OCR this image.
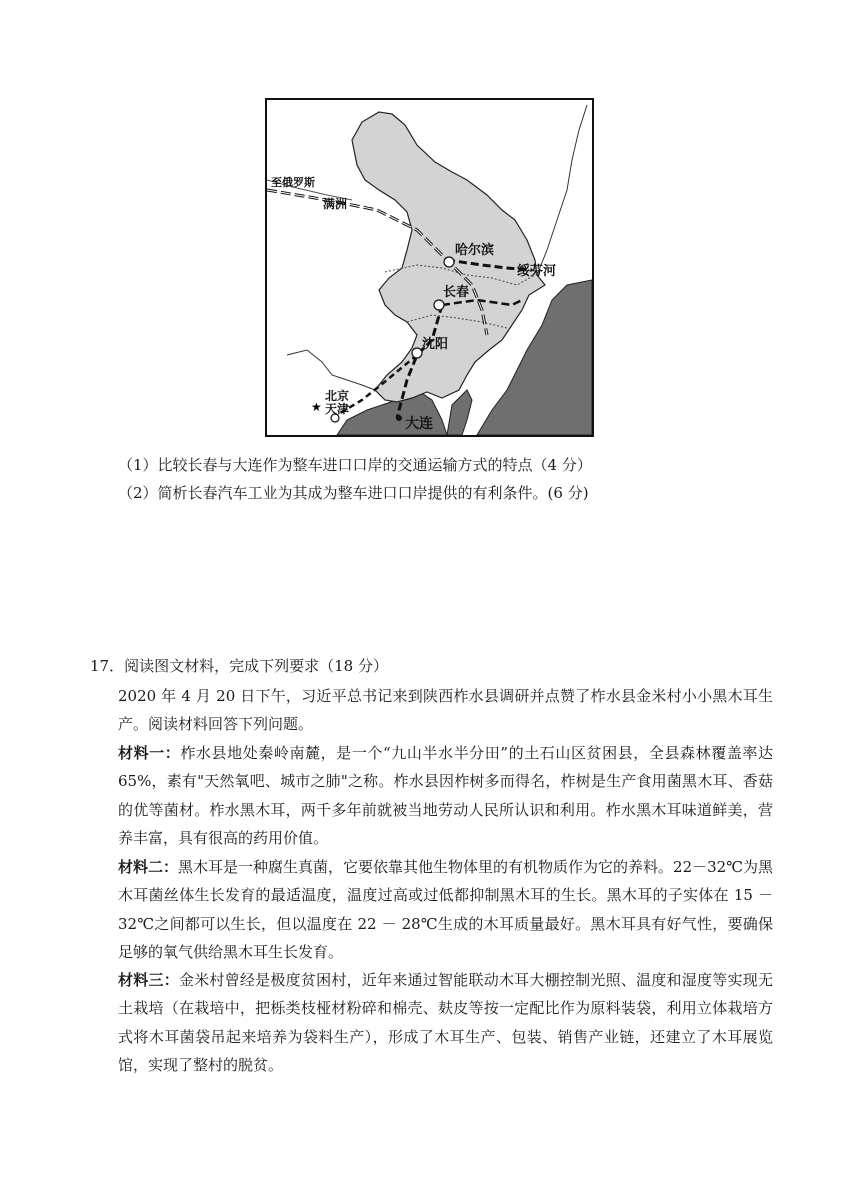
★
至俄罗斯
满洲
哈尔滨
绥芬河
长春
沈阳
北京
天津
大连
（1）比较长春与大连作为整车进口口岸的交通运输方式的特点（4 分）
（2）简析长春汽车工业为其成为整车进口口岸提供的有利条件。(6 分)
17．阅读图文材料，完成下列要求（18 分）
2020 年 4 月 20 日下午，习近平总书记来到陕西柞水县调研并点赞了柞水县金米村小小黑木耳生产。阅读材料回答下列问题。
材料一：柞水县地处秦岭南麓，是一个“九山半水半分田”的土石山区贫困县，全县森林覆盖率达 65%，素有"天然氧吧、城市之肺"之称。柞水县因柞树多而得名，柞树是生产食用菌黑木耳、香菇的优等菌材。柞水黑木耳，两千多年前就被当地劳动人民所认识和利用。柞水黑木耳味道鲜美，营养丰富，具有很高的药用价值。
材料二：黑木耳是一种腐生真菌，它要依靠其他生物体里的有机物质作为它的养料。22－32℃为黑木耳菌丝体生长发育的最适温度，温度过高或过低都抑制黑木耳的生长。黑木耳的子实体在 15 － 32℃之间都可以生长，但以温度在 22 － 28℃生成的木耳质量最好。黑木耳具有好气性，要确保足够的氧气供给黑木耳生长发育。
材料三：金米村曾经是极度贫困村，近年来通过智能联动木耳大棚控制光照、温度和湿度等实现无土栽培（在栽培中，把栎类枝桠材粉碎和棉壳、麸皮等按一定配比作为原料装袋，利用立体栽培方式将木耳菌袋吊起来培养为袋料生产），形成了木耳生产、包装、销售产业链，还建立了木耳展览馆，实现了整村的脱贫。
